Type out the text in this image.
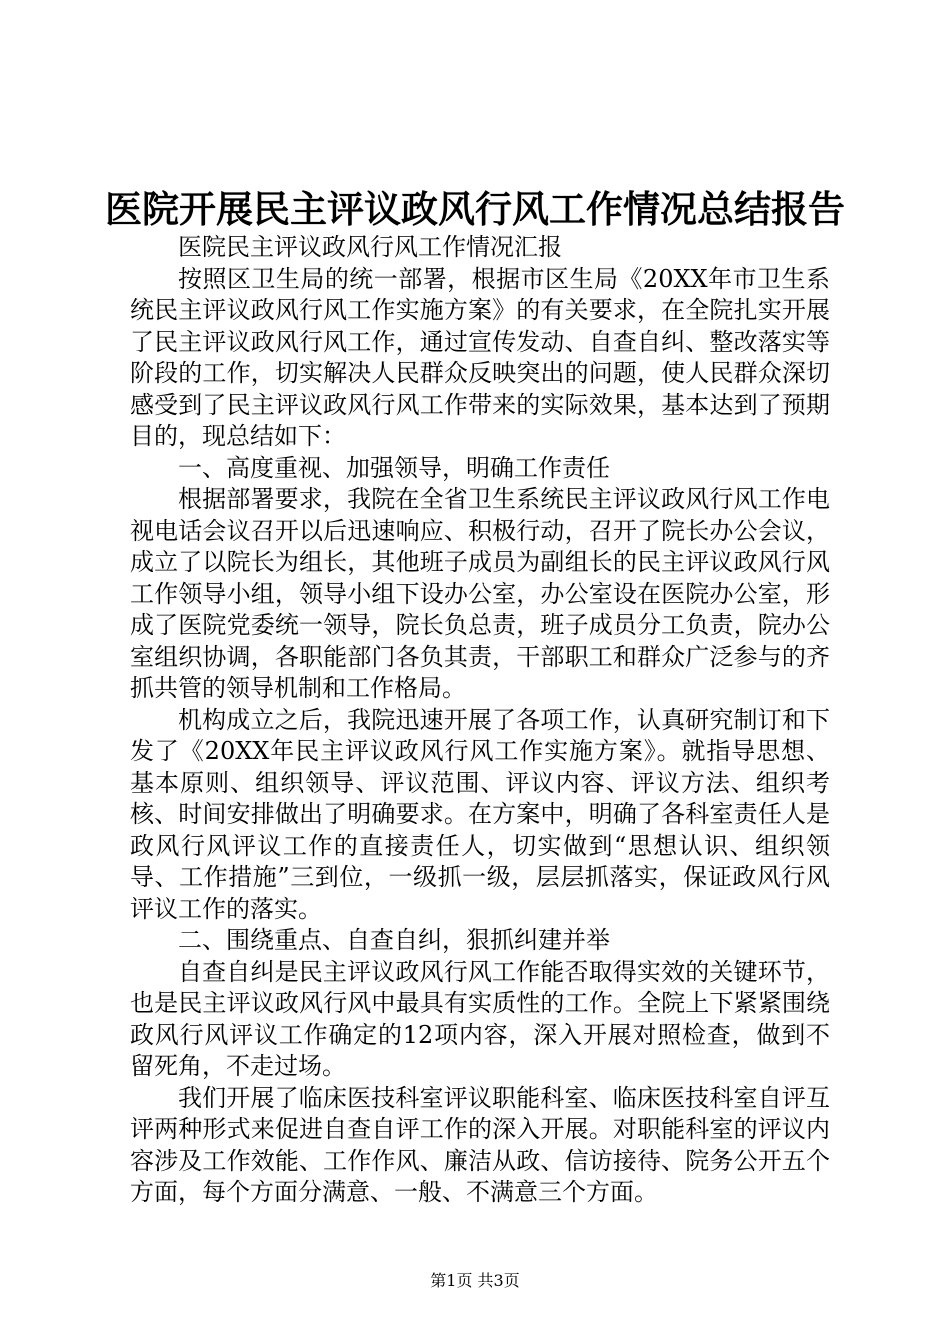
医院开展民主评议政风行风工作情况总结报告

医院民主评议政风行风工作情况汇报

按照区卫生局的统一部署，根据市区生局《20XX年市卫生系统民主评议政风行风工作实施方案》的有关要求，在全院扎实开展了民主评议政风行风工作，通过宣传发动、自查自纠、整改落实等阶段的工作，切实解决人民群众反映突出的问题，使人民群众深切感受到了民主评议政风行风工作带来的实际效果，基本达到了预期目的，现总结如下：

一、高度重视、加强领导，明确工作责任

根据部署要求，我院在全省卫生系统民主评议政风行风工作电视电话会议召开以后迅速响应、积极行动，召开了院长办公会议，成立了以院长为组长，其他班子成员为副组长的民主评议政风行风工作领导小组，领导小组下设办公室，办公室设在医院办公室，形成了医院党委统一领导，院长负总责，班子成员分工负责，院办公室组织协调，各职能部门各负其责，干部职工和群众广泛参与的齐抓共管的领导机制和工作格局。

机构成立之后，我院迅速开展了各项工作，认真研究制订和下发了《20XX年民主评议政风行风工作实施方案》。就指导思想、基本原则、组织领导、评议范围、评议内容、评议方法、组织考核、时间安排做出了明确要求。在方案中，明确了各科室责任人是政风行风评议工作的直接责任人，切实做到“思想认识、组织领导、工作措施”三到位，一级抓一级，层层抓落实，保证政风行风评议工作的落实。

二、围绕重点、自查自纠，狠抓纠建并举

自查自纠是民主评议政风行风工作能否取得实效的关键环节，也是民主评议政风行风中最具有实质性的工作。全院上下紧紧围绕政风行风评议工作确定的12项内容，深入开展对照检查，做到不留死角，不走过场。

我们开展了临床医技科室评议职能科室、临床医技科室自评互评两种形式来促进自查自评工作的深入开展。对职能科室的评议内容涉及工作效能、工作作风、廉洁从政、信访接待、院务公开五个方面，每个方面分满意、一般、不满意三个方面。

第1页 共3页
